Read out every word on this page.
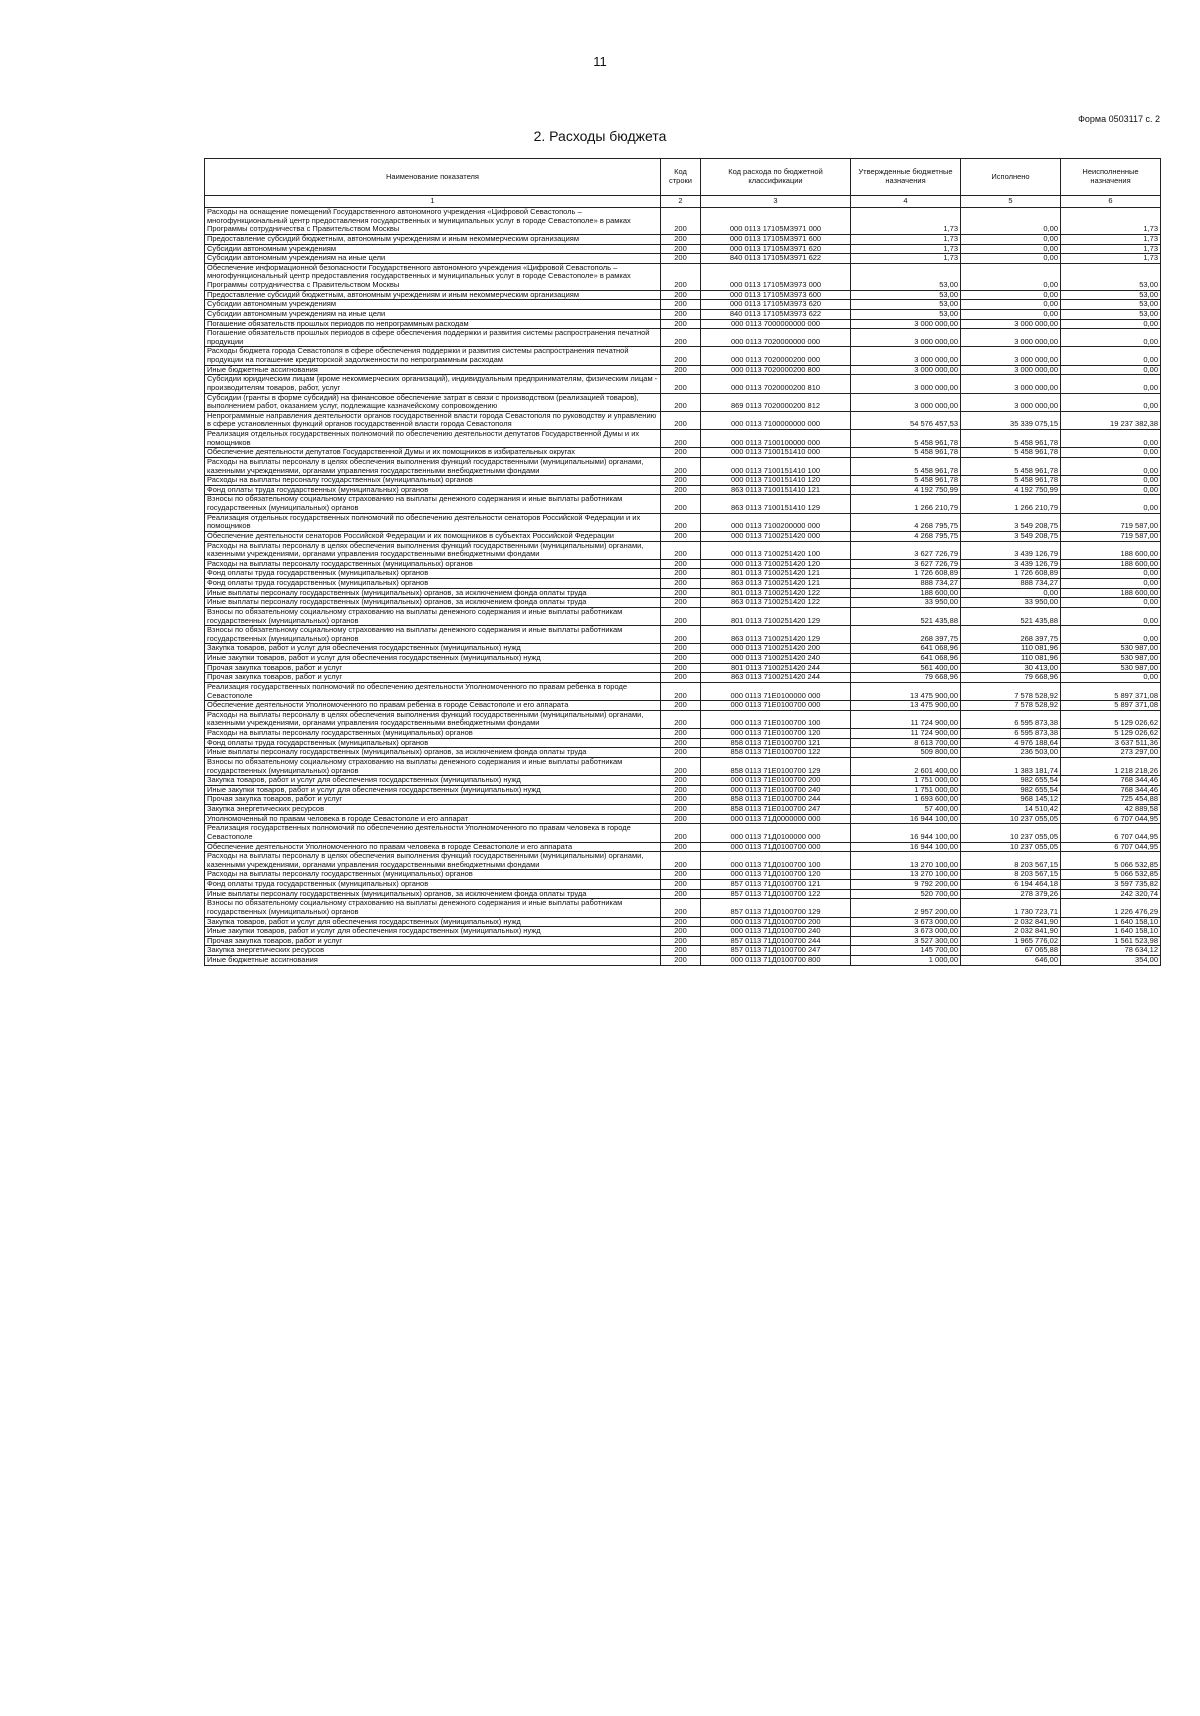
11
Форма 0503117 с. 2
2. Расходы бюджета
Наименование показателя	Код строки	Код расхода по бюджетной классификации	Утвержденные бюджетные назначения	Исполнено	Неисполненные назначения
1	2	3	4	5	6
Расходы на оснащение помещений Государственного автономного учреждения «Цифровой Севастополь – многофункциональный центр предоставления государственных и муниципальных услуг в городе Севастополе» в рамках Программы сотрудничества с Правительством Москвы	200	000 0113 17105М3971 000	1,73	0,00	1,73
Предоставление субсидий бюджетным, автономным учреждениям и иным некоммерческим организациям	200	000 0113 17105М3971 600	1,73	0,00	1,73
Субсидии автономным учреждениям	200	000 0113 17105М3971 620	1,73	0,00	1,73
Субсидии автономным учреждениям на иные цели	200	840 0113 17105М3971 622	1,73	0,00	1,73
Обеспечение информационной безопасности Государственного автономного учреждения «Цифровой Севастополь – многофункциональный центр предоставления государственных и муниципальных услуг в городе Севастополе» в рамках Программы сотрудничества с Правительством Москвы	200	000 0113 17105М3973 000	53,00	0,00	53,00
Предоставление субсидий бюджетным, автономным учреждениям и иным некоммерческим организациям	200	000 0113 17105М3973 600	53,00	0,00	53,00
Субсидии автономным учреждениям	200	000 0113 17105М3973 620	53,00	0,00	53,00
Субсидии автономным учреждениям на иные цели	200	840 0113 17105М3973 622	53,00	0,00	53,00
Погашение обязательств прошлых периодов по непрограммным расходам	200	000 0113 7000000000 000	3 000 000,00	3 000 000,00	0,00
Погашение обязательств прошлых периодов в сфере обеспечения поддержки и развития системы распространения печатной продукции	200	000 0113 7020000000 000	3 000 000,00	3 000 000,00	0,00
Расходы бюджета города Севастополя в сфере обеспечения поддержки и развития системы распространения печатной продукции на погашение кредиторской задолженности по непрограммным расходам	200	000 0113 7020000200 000	3 000 000,00	3 000 000,00	0,00
Иные бюджетные ассигнования	200	000 0113 7020000200 800	3 000 000,00	3 000 000,00	0,00
Субсидии юридическим лицам (кроме некоммерческих организаций), индивидуальным предпринимателям, физическим лицам - производителям товаров, работ, услуг	200	000 0113 7020000200 810	3 000 000,00	3 000 000,00	0,00
Субсидии (гранты в форме субсидий) на финансовое обеспечение затрат в связи с производством (реализацией товаров), выполнением работ, оказанием услуг, подлежащие казначейскому сопровождению	200	869 0113 7020000200 812	3 000 000,00	3 000 000,00	0,00
Непрограммные направления деятельности органов государственной власти города Севастополя по руководству и управлению в сфере установленных функций органов государственной власти города Севастополя	200	000 0113 7100000000 000	54 576 457,53	35 339 075,15	19 237 382,38
Реализация отдельных государственных полномочий по обеспечению деятельности депутатов Государственной Думы и их помощников	200	000 0113 7100100000 000	5 458 961,78	5 458 961,78	0,00
Обеспечение деятельности депутатов Государственной Думы и их помощников в избирательных округах	200	000 0113 7100151410 000	5 458 961,78	5 458 961,78	0,00
Расходы на выплаты персоналу в целях обеспечения выполнения функций государственными (муниципальными) органами, казенными учреждениями, органами управления государственными внебюджетными фондами	200	000 0113 7100151410 100	5 458 961,78	5 458 961,78	0,00
Расходы на выплаты персоналу государственных (муниципальных) органов	200	000 0113 7100151410 120	5 458 961,78	5 458 961,78	0,00
Фонд оплаты труда государственных (муниципальных) органов	200	863 0113 7100151410 121	4 192 750,99	4 192 750,99	0,00
Взносы по обязательному социальному страхованию на выплаты денежного содержания и иные выплаты работникам государственных (муниципальных) органов	200	863 0113 7100151410 129	1 266 210,79	1 266 210,79	0,00
Реализация отдельных государственных полномочий по обеспечению деятельности сенаторов Российской Федерации и их помощников	200	000 0113 7100200000 000	4 268 795,75	3 549 208,75	719 587,00
Обеспечение деятельности сенаторов Российской Федерации и их помощников в субъектах Российской Федерации	200	000 0113 7100251420 000	4 268 795,75	3 549 208,75	719 587,00
Расходы на выплаты персоналу в целях обеспечения выполнения функций государственными (муниципальными) органами, казенными учреждениями, органами управления государственными внебюджетными фондами	200	000 0113 7100251420 100	3 627 726,79	3 439 126,79	188 600,00
Расходы на выплаты персоналу государственных (муниципальных) органов	200	000 0113 7100251420 120	3 627 726,79	3 439 126,79	188 600,00
Фонд оплаты труда государственных (муниципальных) органов	200	801 0113 7100251420 121	1 726 608,89	1 726 608,89	0,00
Фонд оплаты труда государственных (муниципальных) органов	200	863 0113 7100251420 121	888 734,27	888 734,27	0,00
Иные выплаты персоналу государственных (муниципальных) органов, за исключением фонда оплаты труда	200	801 0113 7100251420 122	188 600,00	0,00	188 600,00
Иные выплаты персоналу государственных (муниципальных) органов, за исключением фонда оплаты труда	200	863 0113 7100251420 122	33 950,00	33 950,00	0,00
Взносы по обязательному социальному страхованию на выплаты денежного содержания и иные выплаты работникам государственных (муниципальных) органов	200	801 0113 7100251420 129	521 435,88	521 435,88	0,00
Взносы по обязательному социальному страхованию на выплаты денежного содержания и иные выплаты работникам государственных (муниципальных) органов	200	863 0113 7100251420 129	268 397,75	268 397,75	0,00
Закупка товаров, работ и услуг для обеспечения государственных (муниципальных) нужд	200	000 0113 7100251420 200	641 068,96	110 081,96	530 987,00
Иные закупки товаров, работ и услуг для обеспечения государственных (муниципальных) нужд	200	000 0113 7100251420 240	641 068,96	110 081,96	530 987,00
Прочая закупка товаров, работ и услуг	200	801 0113 7100251420 244	561 400,00	30 413,00	530 987,00
Прочая закупка товаров, работ и услуг	200	863 0113 7100251420 244	79 668,96	79 668,96	0,00
Реализация государственных полномочий по обеспечению деятельности Уполномоченного по правам ребенка в городе Севастополе	200	000 0113 71Е0100000 000	13 475 900,00	7 578 528,92	5 897 371,08
Обеспечение деятельности Уполномоченного по правам ребенка в городе Севастополе и его аппарата	200	000 0113 71Е0100700 000	13 475 900,00	7 578 528,92	5 897 371,08
Расходы на выплаты персоналу в целях обеспечения выполнения функций государственными (муниципальными) органами, казенными учреждениями, органами управления государственными внебюджетными фондами	200	000 0113 71Е0100700 100	11 724 900,00	6 595 873,38	5 129 026,62
Расходы на выплаты персоналу государственных (муниципальных) органов	200	000 0113 71Е0100700 120	11 724 900,00	6 595 873,38	5 129 026,62
Фонд оплаты труда государственных (муниципальных) органов	200	858 0113 71Е0100700 121	8 613 700,00	4 976 188,64	3 637 511,36
Иные выплаты персоналу государственных (муниципальных) органов, за исключением фонда оплаты труда	200	858 0113 71Е0100700 122	509 800,00	236 503,00	273 297,00
Взносы по обязательному социальному страхованию на выплаты денежного содержания и иные выплаты работникам государственных (муниципальных) органов	200	858 0113 71Е0100700 129	2 601 400,00	1 383 181,74	1 218 218,26
Закупка товаров, работ и услуг для обеспечения государственных (муниципальных) нужд	200	000 0113 71Е0100700 200	1 751 000,00	982 655,54	768 344,46
Иные закупки товаров, работ и услуг для обеспечения государственных (муниципальных) нужд	200	000 0113 71Е0100700 240	1 751 000,00	982 655,54	768 344,46
Прочая закупка товаров, работ и услуг	200	858 0113 71Е0100700 244	1 693 600,00	968 145,12	725 454,88
Закупка энергетических ресурсов	200	858 0113 71Е0100700 247	57 400,00	14 510,42	42 889,58
Уполномоченный по правам человека в городе Севастополе и его аппарат	200	000 0113 71Д0000000 000	16 944 100,00	10 237 055,05	6 707 044,95
Реализация государственных полномочий по обеспечению деятельности Уполномоченного по правам человека в городе Севастополе	200	000 0113 71Д0100000 000	16 944 100,00	10 237 055,05	6 707 044,95
Обеспечение деятельности Уполномоченного по правам человека в городе Севастополе и его аппарата	200	000 0113 71Д0100700 000	16 944 100,00	10 237 055,05	6 707 044,95
Расходы на выплаты персоналу в целях обеспечения выполнения функций государственными (муниципальными) органами, казенными учреждениями, органами управления государственными внебюджетными фондами	200	000 0113 71Д0100700 100	13 270 100,00	8 203 567,15	5 066 532,85
Расходы на выплаты персоналу государственных (муниципальных) органов	200	000 0113 71Д0100700 120	13 270 100,00	8 203 567,15	5 066 532,85
Фонд оплаты труда государственных (муниципальных) органов	200	857 0113 71Д0100700 121	9 792 200,00	6 194 464,18	3 597 735,82
Иные выплаты персоналу государственных (муниципальных) органов, за исключением фонда оплаты труда	200	857 0113 71Д0100700 122	520 700,00	278 379,26	242 320,74
Взносы по обязательному социальному страхованию на выплаты денежного содержания и иные выплаты работникам государственных (муниципальных) органов	200	857 0113 71Д0100700 129	2 957 200,00	1 730 723,71	1 226 476,29
Закупка товаров, работ и услуг для обеспечения государственных (муниципальных) нужд	200	000 0113 71Д0100700 200	3 673 000,00	2 032 841,90	1 640 158,10
Иные закупки товаров, работ и услуг для обеспечения государственных (муниципальных) нужд	200	000 0113 71Д0100700 240	3 673 000,00	2 032 841,90	1 640 158,10
Прочая закупка товаров, работ и услуг	200	857 0113 71Д0100700 244	3 527 300,00	1 965 776,02	1 561 523,98
Закупка энергетических ресурсов	200	857 0113 71Д0100700 247	145 700,00	67 065,88	78 634,12
Иные бюджетные ассигнования	200	000 0113 71Д0100700 800	1 000,00	646,00	354,00
